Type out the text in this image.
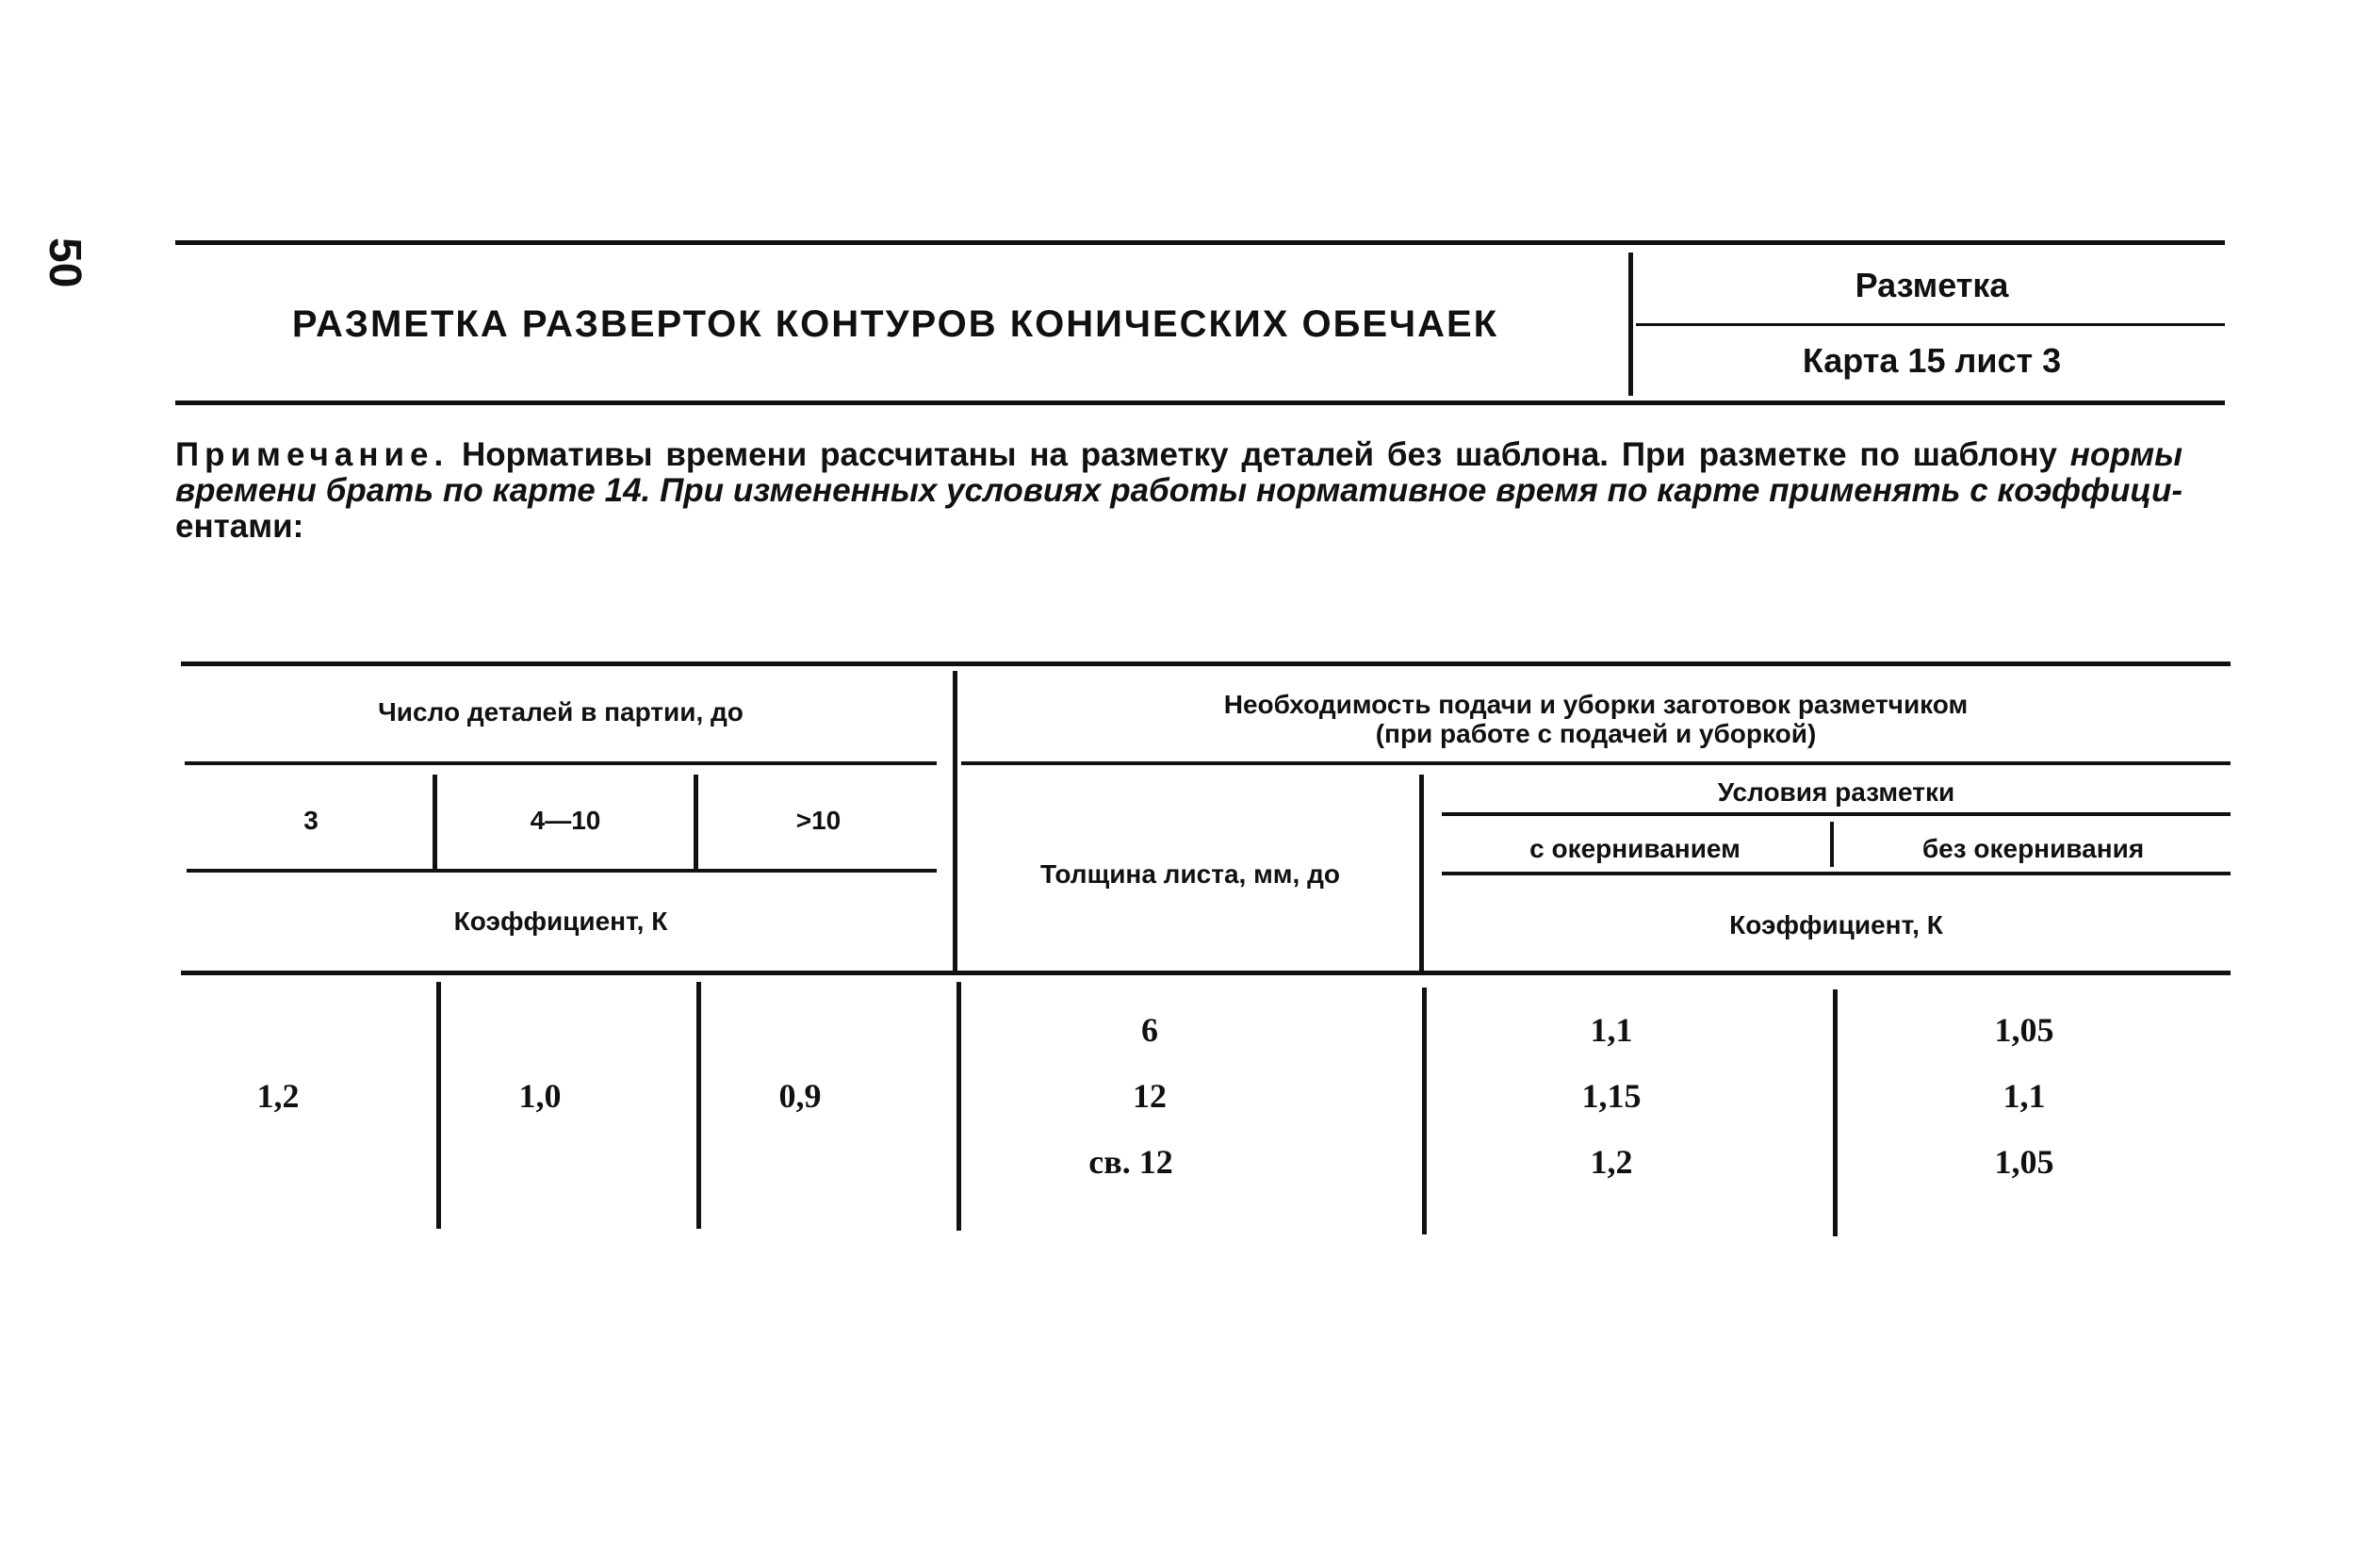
50
РАЗМЕТКА РАЗВЕРТОК КОНТУРОВ КОНИЧЕСКИХ ОБЕЧАЕК
Разметка
Карта 15 лист 3
Примечание. Нормативы времени рассчитаны на разметку деталей без шаблона. При разметке по шаблону нормы времени брать по карте 14. При измененных условиях работы нормативное время по карте применять с коэффици- ентами:
Число деталей в партии, до
3	4—10	>10
Коэффициент, К
Необходимость подачи и уборки заготовок разметчиком
(при работе с подачей и уборкой)
Толщина листа, мм, до
Условия разметки
с окерниванием	без окернивания
Коэффициент, К
1,2	1,0	0,9
6	1,1	1,05
12	1,15	1,1
св. 12	1,2	1,05
